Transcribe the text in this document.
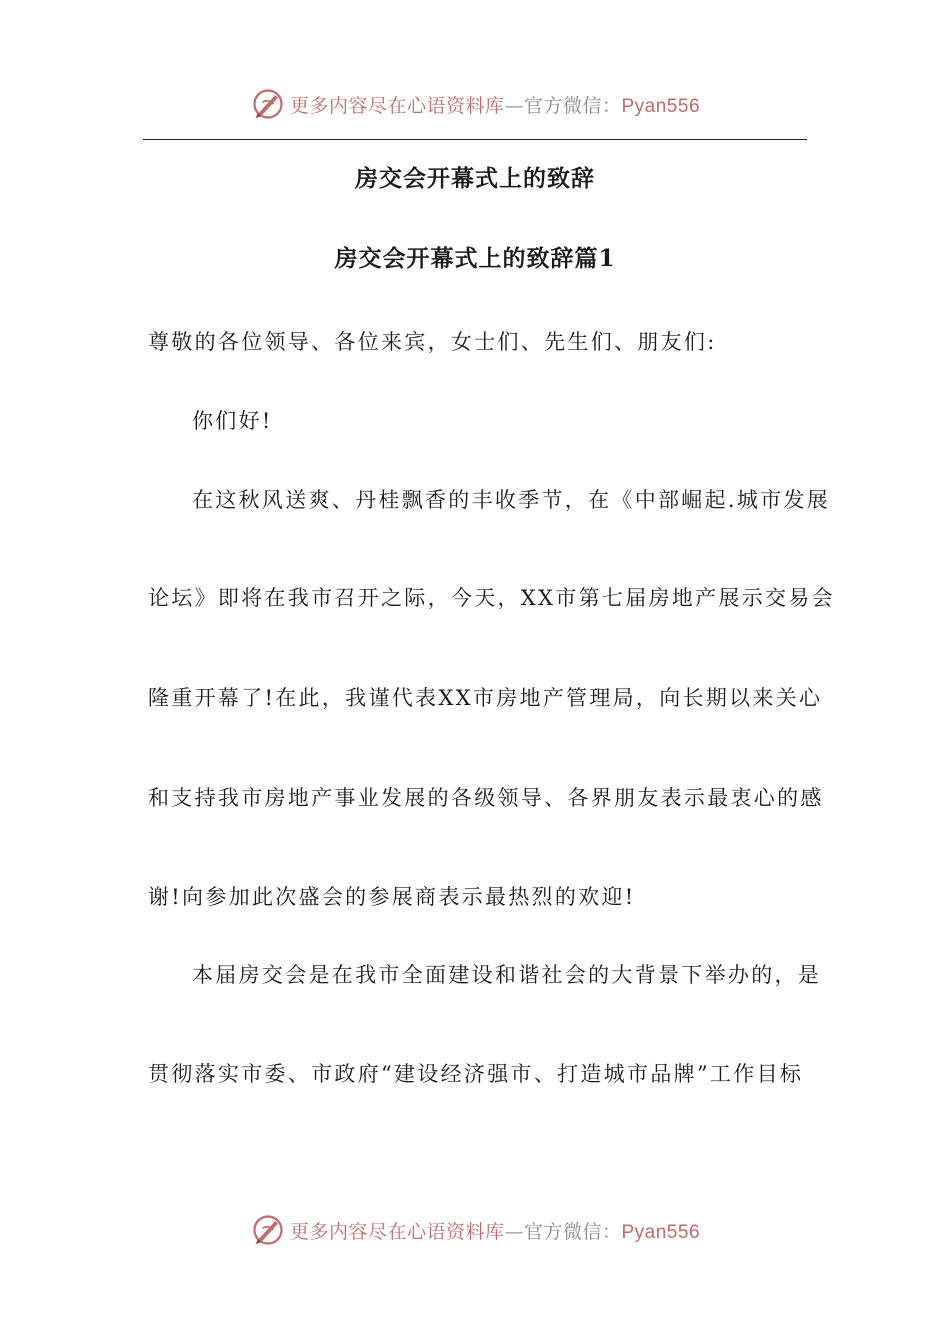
更多内容尽在心语资料库—官方微信：Pyan556
房交会开幕式上的致辞
房交会开幕式上的致辞篇1
尊敬的各位领导、各位来宾，女士们、先生们、朋友们:
你们好!
在这秋风送爽、丹桂飘香的丰收季节，在《中部崛起.城市发展
论坛》即将在我市召开之际，今天，XX市第七届房地产展示交易会
隆重开幕了!在此，我谨代表XX市房地产管理局，向长期以来关心
和支持我市房地产事业发展的各级领导、各界朋友表示最衷心的感
谢!向参加此次盛会的参展商表示最热烈的欢迎!
本届房交会是在我市全面建设和谐社会的大背景下举办的，是
贯彻落实市委、市政府“建设经济强市、打造城市品牌”工作目标
更多内容尽在心语资料库—官方微信：Pyan556
